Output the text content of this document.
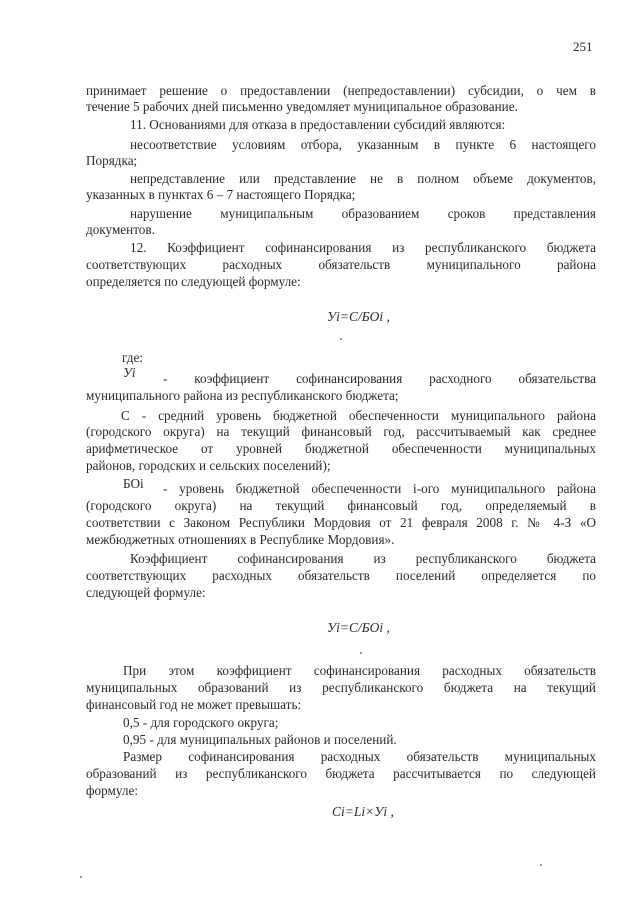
251
принимает решение о предоставлении (непредоставлении) субсидии, о чем в
течение 5 рабочих дней письменно уведомляет муниципальное образование.
11. Основаниями для отказа в предоставлении субсидий являются:
несоответствие условиям отбора, указанным в пункте 6 настоящего
Порядка;
непредставление или представление не в полном объеме документов,
указанных в пунктах 6 – 7 настоящего Порядка;
нарушение муниципальным образованием сроков представления
документов.
12. Коэффициент софинансирования из республиканского бюджета
соответствующих расходных обязательств муниципального района
определяется по следующей формуле:
Уi=С/БОi ,
где:
Уi - коэффициент софинансирования расходного обязательства
муниципального района из республиканского бюджета;
С - средний уровень бюджетной обеспеченности муниципального района
(городского округа) на текущий финансовый год, рассчитываемый как среднее
арифметическое от уровней бюджетной обеспеченности муниципальных
районов, городских и сельских поселений);
БОi - уровень бюджетной обеспеченности i-ого муниципального района
(городского округа) на текущий финансовый год, определяемый в
соответствии с Законом Республики Мордовия от 21 февраля 2008 г. № 4-З «О
межбюджетных отношениях в Республике Мордовия».
Коэффициент софинансирования из республиканского бюджета
соответствующих расходных обязательств поселений определяется по
следующей формуле:
Уi=С/БОi ,
При этом коэффициент софинансирования расходных обязательств
муниципальных образований из республиканского бюджета на текущий
финансовый год не может превышать:
0,5 - для городского округа;
0,95 - для муниципальных районов и поселений.
Размер софинансирования расходных обязательств муниципальных
образований из республиканского бюджета рассчитывается по следующей
формуле:
Сi=Li×Уi ,
